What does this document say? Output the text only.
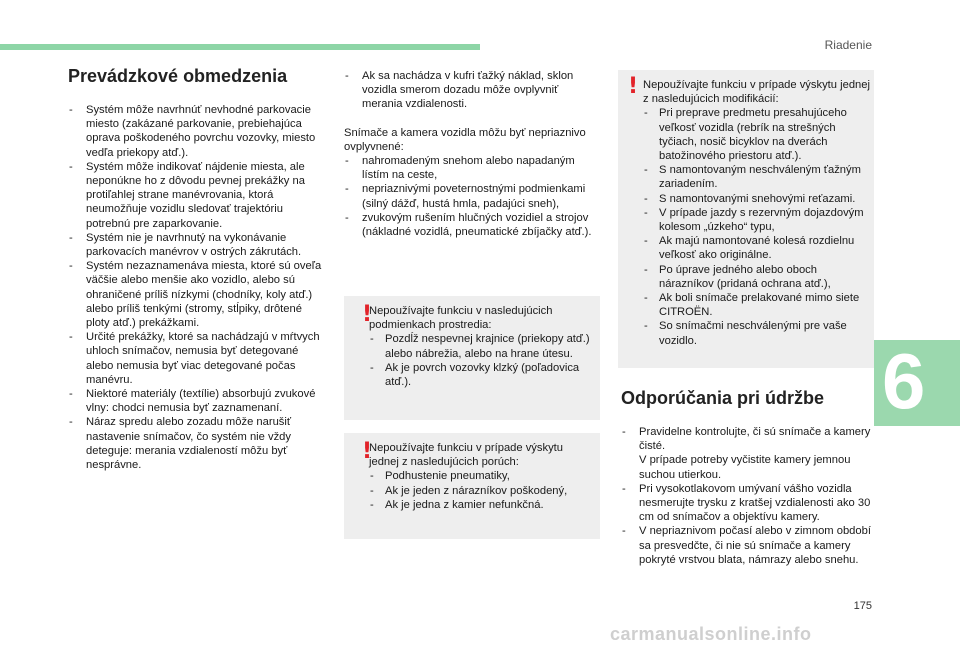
Riadenie
6
175
carmanualsonline.info
Prevádzkové obmedzenia
- Systém môže navrhnúť nevhodné parkovacie miesto (zakázané parkovanie, prebiehajúca oprava poškodeného povrchu vozovky, miesto vedľa priekopy atď.).
- Systém môže indikovať nájdenie miesta, ale neponúkne ho z dôvodu pevnej prekážky na protiľahlej strane manévrovania, ktorá neumožňuje vozidlu sledovať trajektóriu potrebnú pre zaparkovanie.
- Systém nie je navrhnutý na vykonávanie parkovacích manévrov v ostrých zákrutách.
- Systém nezaznamenáva miesta, ktoré sú oveľa väčšie alebo menšie ako vozidlo, alebo sú ohraničené príliš nízkymi (chodníky, koly atď.) alebo príliš tenkými (stromy, stĺpiky, drôtené ploty atď.) prekážkami.
- Určité prekážky, ktoré sa nachádzajú v mŕtvych uhloch snímačov, nemusia byť detegované alebo nemusia byť viac detegované počas manévru.
- Niektoré materiály (textílie) absorbujú zvukové vlny: chodci nemusia byť zaznamenaní.
- Náraz spredu alebo zozadu môže narušiť nastavenie snímačov, čo systém nie vždy deteguje: merania vzdialeností môžu byť nesprávne.
- Ak sa nachádza v kufri ťažký náklad, sklon vozidla smerom dozadu môže ovplyvniť merania vzdialenosti.

Snímače a kamera vozidla môžu byť nepriaznivo ovplyvnené:

- nahromadeným snehom alebo napadaným lístím na ceste,
- nepriaznivými poveternostnými podmienkami (silný dážď, hustá hmla, padajúci sneh),
- zvukovým rušením hlučných vozidiel a strojov (nákladné vozidlá, pneumatické zbíjačky atď.).
!

Nepoužívajte funkciu v nasledujúcich podmienkach prostredia:

- Pozdĺž nespevnej krajnice (priekopy atď.) alebo nábrežia, alebo na hrane útesu.
- Ak je povrch vozovky klzký (poľadovica atď.).
!

Nepoužívajte funkciu v prípade výskytu jednej z nasledujúcich porúch:

- Podhustenie pneumatiky,
- Ak je jeden z nárazníkov poškodený,
- Ak je jedna z kamier nefunkčná.
! Nepoužívajte funkciu v prípade výskytu jednej z nasledujúcich modifikácií:

- Pri preprave predmetu presahujúceho veľkosť vozidla (rebrík na strešných tyčiach, nosič bicyklov na dverách batožinového priestoru atď.).
- S namontovaným neschváleným ťažným zariadením.
- S namontovanými snehovými reťazami.
- V prípade jazdy s rezervným dojazdovým kolesom „úzkeho“ typu,
- Ak majú namontované kolesá rozdielnu veľkosť ako originálne.
- Po úprave jedného alebo oboch nárazníkov (pridaná ochrana atď.),
- Ak boli snímače prelakované mimo siete CITROËN.
- So snímačmi neschválenými pre vaše vozidlo.
Odporúčania pri údržbe
- Pravidelne kontrolujte, či sú snímače a kamery čisté.
V prípade potreby vyčistite kamery jemnou suchou utierkou.
- Pri vysokotlakovom umývaní vášho vozidla nesmerujte trysku z kratšej vzdialenosti ako 30 cm od snímačov a objektívu kamery.
- V nepriaznivom počasí alebo v zimnom období sa presvedčte, či nie sú snímače a kamery pokryté vrstvou blata, námrazy alebo snehu.
